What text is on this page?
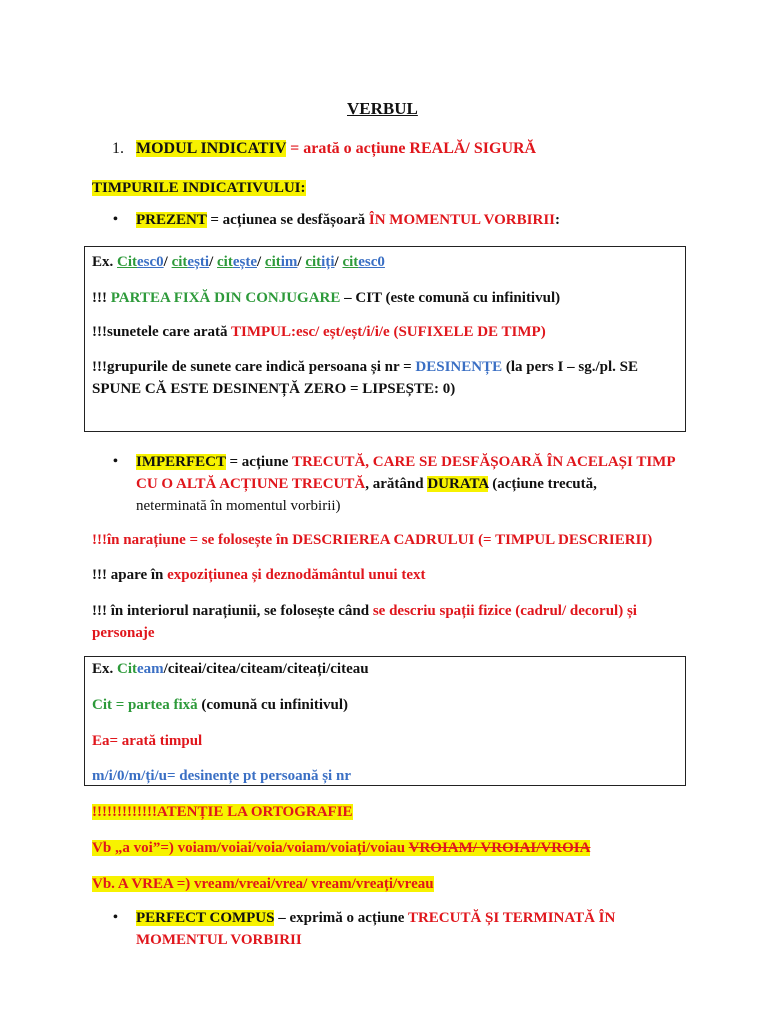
VERBUL
1. MODUL INDICATIV = arată o acțiune REALĂ/ SIGURĂ
TIMPURILE INDICATIVULUI:
• PREZENT = acțiunea se desfășoară ÎN MOMENTUL VORBIRII:
Ex. Citesc0/ citești/ citește/ citim/ citiți/ citesc0
!!! PARTEA FIXĂ DIN CONJUGARE – CIT (este comună cu infinitivul)
!!!sunetele care arată TIMPUL:esc/ eșt/eșt/i/i/e (SUFIXELE DE TIMP)
!!!grupurile de sunete care indică persoana și nr = DESINENȚE (la pers I – sg./pl. SE
SPUNE CĂ ESTE DESINENȚĂ ZERO = LIPSEȘTE: 0)
• IMPERFECT = acțiune TRECUTĂ, CARE SE DESFĂȘOARĂ ÎN ACELAȘI TIMP
CU O ALTĂ ACȚIUNE TRECUTĂ, arătând DURATA (acțiune trecută,
neterminată în momentul vorbirii)
!!!în narațiune = se folosește în DESCRIEREA CADRULUI (= TIMPUL DESCRIERII)
!!! apare în expozițiunea și deznodământul unui text
!!! în interiorul narațiunii, se folosește când se descriu spații fizice (cadrul/ decorul) și
personaje
Ex. Citeam/citeai/citea/citeam/citeați/citeau
Cit = partea fixă (comună cu infinitivul)
Ea= arată timpul
m/i/0/m/ți/u= desinențe pt persoană și nr
!!!!!!!!!!!!!ATENȚIE LA ORTOGRAFIE
Vb „a voi”=) voiam/voiai/voia/voiam/voiați/voiau VROIAM/ VROIAI/VROIA
Vb. A VREA =) vream/vreai/vrea/ vream/vreați/vreau
• PERFECT COMPUS – exprimă o acțiune TRECUTĂ ȘI TERMINATĂ ÎN
MOMENTUL VORBIRII
